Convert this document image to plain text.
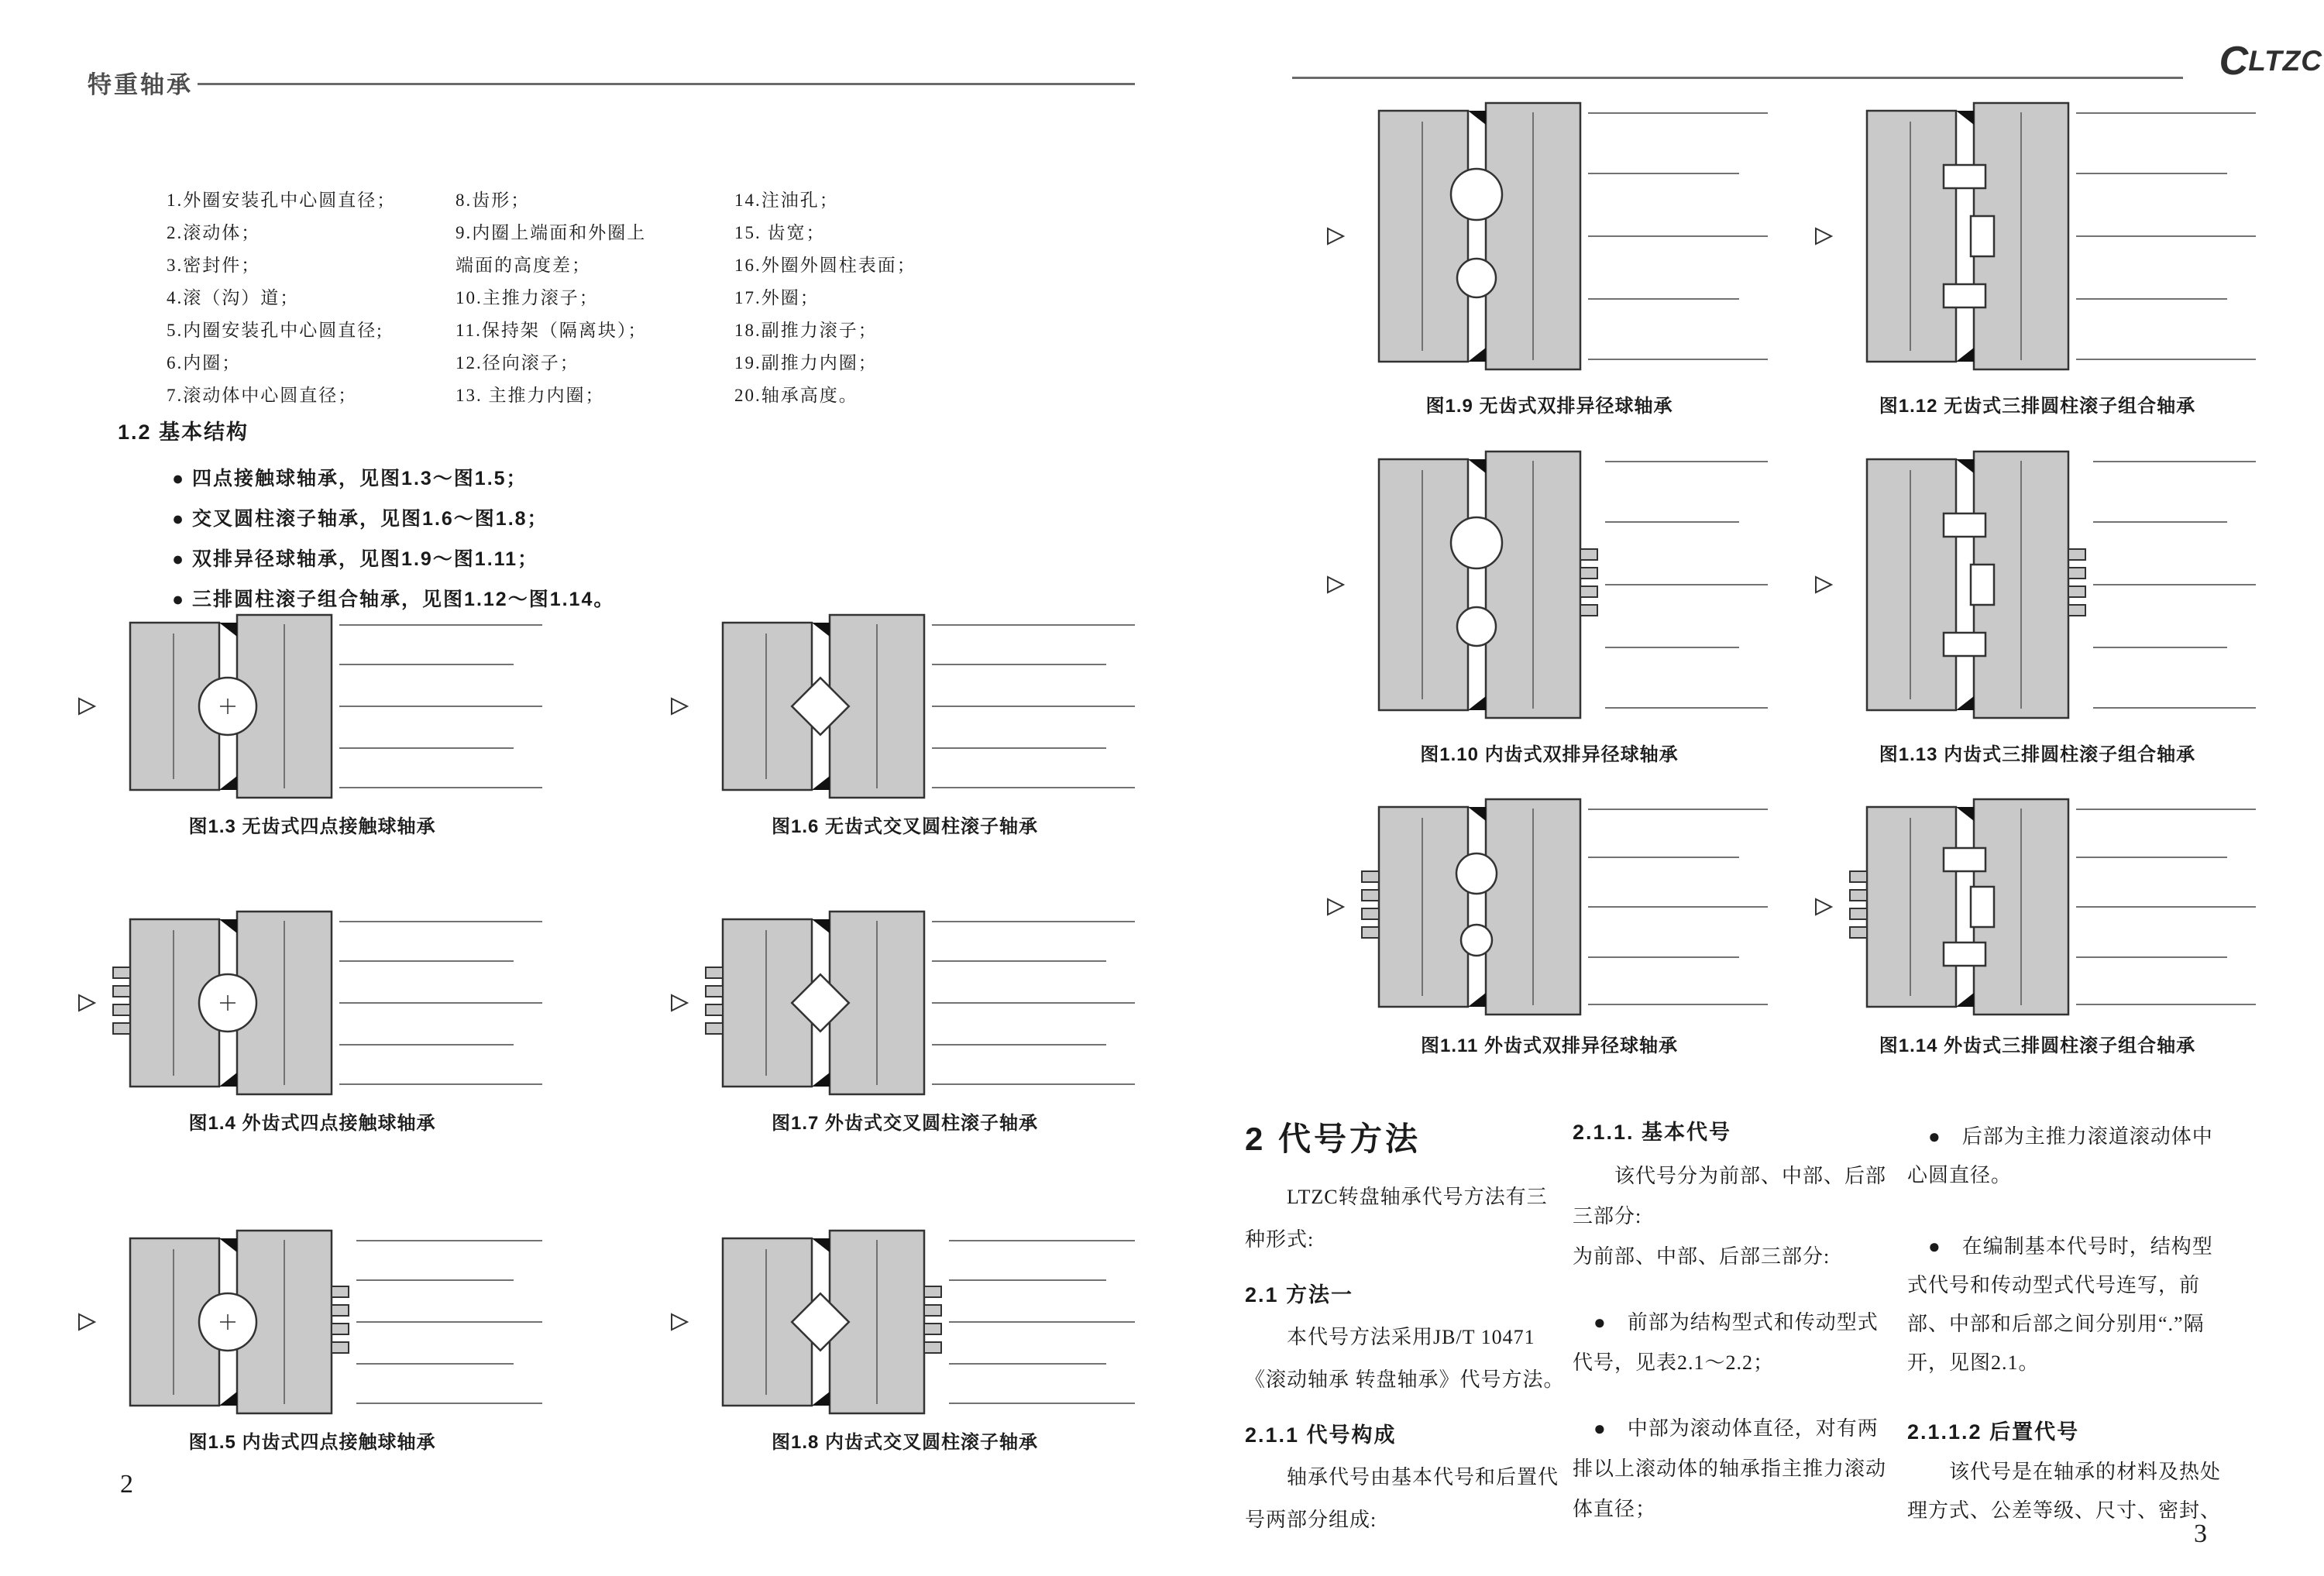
特重轴承
C LTZC
1.外圈安装孔中心圆直径；
2.滚动体；
3.密封件；
4.滚（沟）道；
5.内圈安装孔中心圆直径;
6.内圈；
7.滚动体中心圆直径；
8.齿形；
9.内圈上端面和外圈上
端面的高度差；
10.主推力滚子；
11.保持架（隔离块）；
12.径向滚子；
13. 主推力内圈；
14.注油孔；
15. 齿宽；
16.外圈外圆柱表面；
17.外圈；
18.副推力滚子；
19.副推力内圈；
20.轴承高度。
1.2 基本结构
● 四点接触球轴承，见图1.3～图1.5；
● 交叉圆柱滚子轴承，见图1.6～图1.8；
● 双排异径球轴承，见图1.9～图1.11；
● 三排圆柱滚子组合轴承，见图1.12～图1.14。
图1.3 无齿式四点接触球轴承	图1.6 无齿式交叉圆柱滚子轴承
图1.4 外齿式四点接触球轴承	图1.7 外齿式交叉圆柱滚子轴承
图1.5 内齿式四点接触球轴承	图1.8 内齿式交叉圆柱滚子轴承
图1.9 无齿式双排异径球轴承	图1.12 无齿式三排圆柱滚子组合轴承
图1.10 内齿式双排异径球轴承	图1.13 内齿式三排圆柱滚子组合轴承
图1.11 外齿式双排异径球轴承	图1.14 外齿式三排圆柱滚子组合轴承
2 代号方法
　　LTZC转盘轴承代号方法有三
种形式:
2.1 方法一
　　本代号方法采用JB/T 10471
《滚动轴承 转盘轴承》代号方法。
2.1.1 代号构成
　　轴承代号由基本代号和后置代
号两部分组成:
2.1.1. 基本代号
　　该代号分为前部、中部、后部
三部分:
为前部、中部、后部三部分:
　●　前部为结构型式和传动型式
代号，见表2.1～2.2；
　●　中部为滚动体直径，对有两
排以上滚动体的轴承指主推力滚动
体直径；
　●　后部为主推力滚道滚动体中
心圆直径。
　●　在编制基本代号时，结构型
式代号和传动型式代号连写，前
部、中部和后部之间分别用“.”隔
开，见图2.1。
2.1.1.2 后置代号
　　该代号是在轴承的材料及热处
理方式、公差等级、尺寸、密封、
2
3
